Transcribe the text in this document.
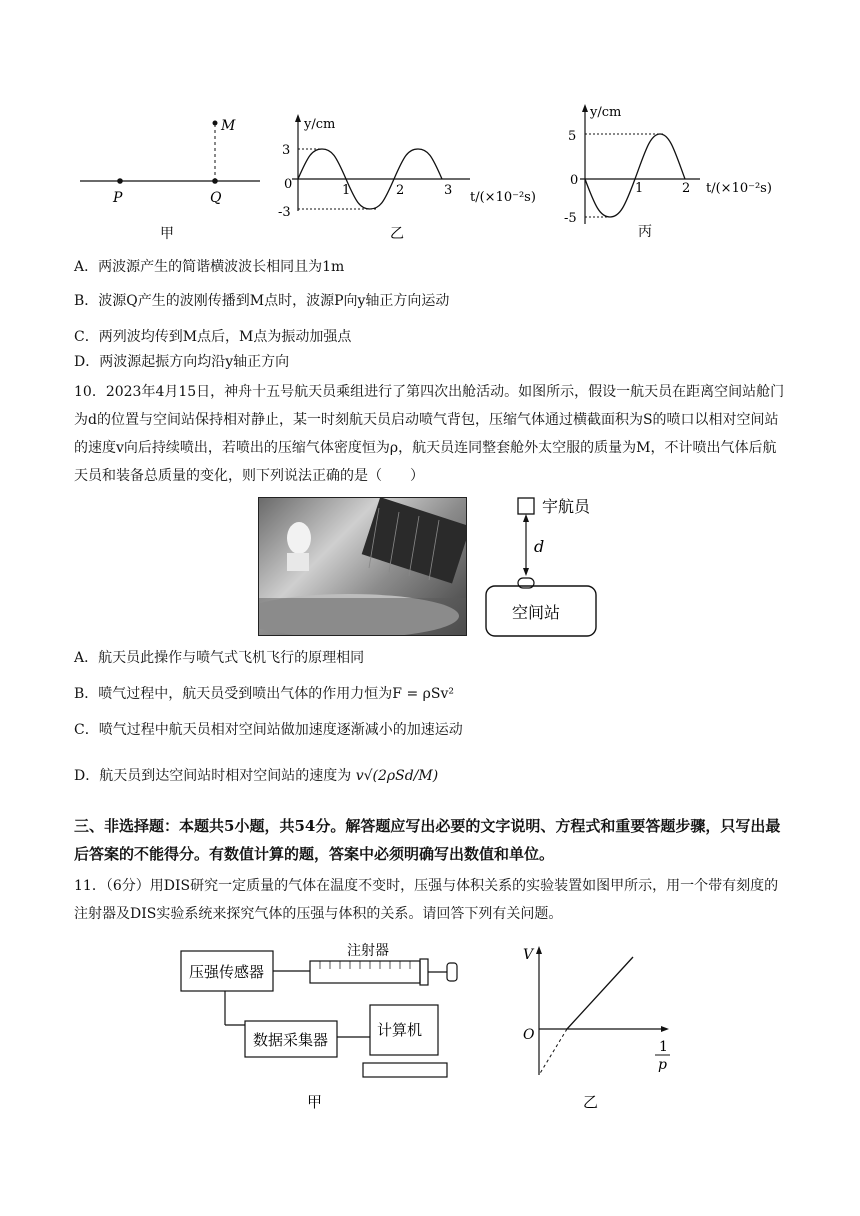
P	Q
M
甲
y/cm
3
0
-3
1	2	3 t/(×10⁻²s)
乙
y/cm
5
0
-5
1	2 t/(×10⁻²s)
丙
A．两波源产生的简谐横波波长相同且为1m
B．波源Q产生的波刚传播到M点时，波源P向y轴正方向运动
C．两列波均传到M点后，M点为振动加强点
D．两波源起振方向均沿y轴正方向
10．2023年4月15日，神舟十五号航天员乘组进行了第四次出舱活动。如图所示，假设一航天员在距离空间站舱门为d的位置与空间站保持相对静止，某一时刻航天员启动喷气背包，压缩气体通过横截面积为S的喷口以相对空间站的速度v向后持续喷出，若喷出的压缩气体密度恒为ρ，航天员连同整套舱外太空服的质量为M，不计喷出气体后航天员和装备总质量的变化，则下列说法正确的是（　　）
宇航员
d
空间站
A．航天员此操作与喷气式飞机飞行的原理相同
B．喷气过程中，航天员受到喷出气体的作用力恒为F = ρSv²
C．喷气过程中航天员相对空间站做加速度逐渐减小的加速运动
D．航天员到达空间站时相对空间站的速度为 v√(2ρSd/M)
三、非选择题：本题共5小题，共54分。解答题应写出必要的文字说明、方程式和重要答题步骤，只写出最后答案的不能得分。有数值计算的题，答案中必须明确写出数值和单位。
11．（6分）用DIS研究一定质量的气体在温度不变时，压强与体积关系的实验装置如图甲所示，用一个带有刻度的注射器及DIS实验系统来探究气体的压强与体积的关系。请回答下列有关问题。
压强传感器
注射器
数据采集器
计算机
甲
V
O
1
p
乙
